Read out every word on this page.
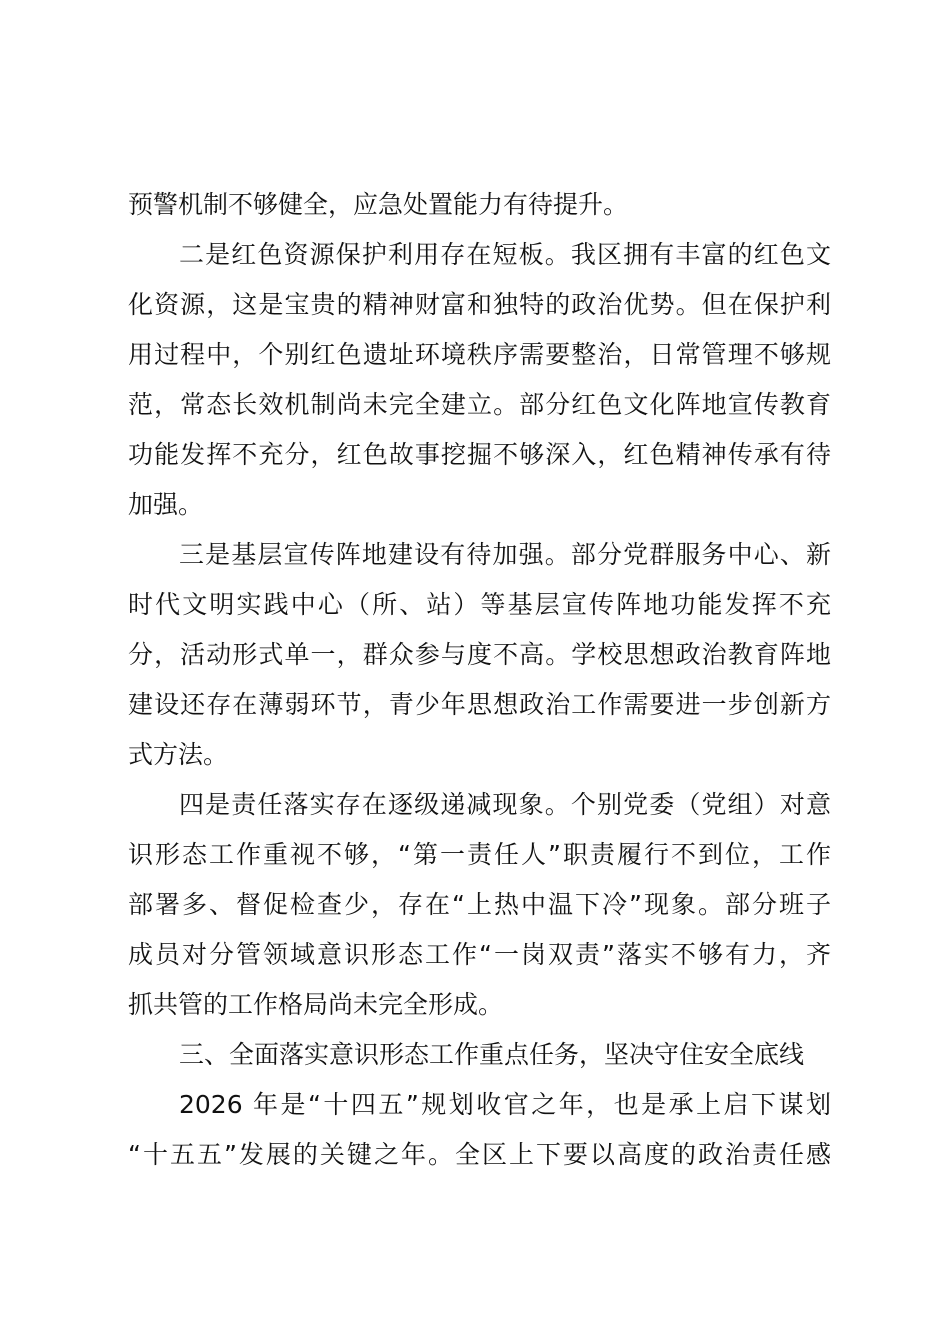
预警机制不够健全，应急处置能力有待提升。
二是红色资源保护利用存在短板。我区拥有丰富的红色文
化资源，这是宝贵的精神财富和独特的政治优势。但在保护利
用过程中，个别红色遗址环境秩序需要整治，日常管理不够规
范，常态长效机制尚未完全建立。部分红色文化阵地宣传教育
功能发挥不充分，红色故事挖掘不够深入，红色精神传承有待
加强。
三是基层宣传阵地建设有待加强。部分党群服务中心、新
时代文明实践中心（所、站）等基层宣传阵地功能发挥不充
分，活动形式单一，群众参与度不高。学校思想政治教育阵地
建设还存在薄弱环节，青少年思想政治工作需要进一步创新方
式方法。
四是责任落实存在逐级递减现象。个别党委（党组）对意
识形态工作重视不够，“第一责任人”职责履行不到位，工作
部署多、督促检查少，存在“上热中温下冷”现象。部分班子
成员对分管领域意识形态工作“一岗双责”落实不够有力，齐
抓共管的工作格局尚未完全形成。
三、全面落实意识形态工作重点任务，坚决守住安全底线
2026 年是“十四五”规划收官之年，也是承上启下谋划
“十五五”发展的关键之年。全区上下要以高度的政治责任感
